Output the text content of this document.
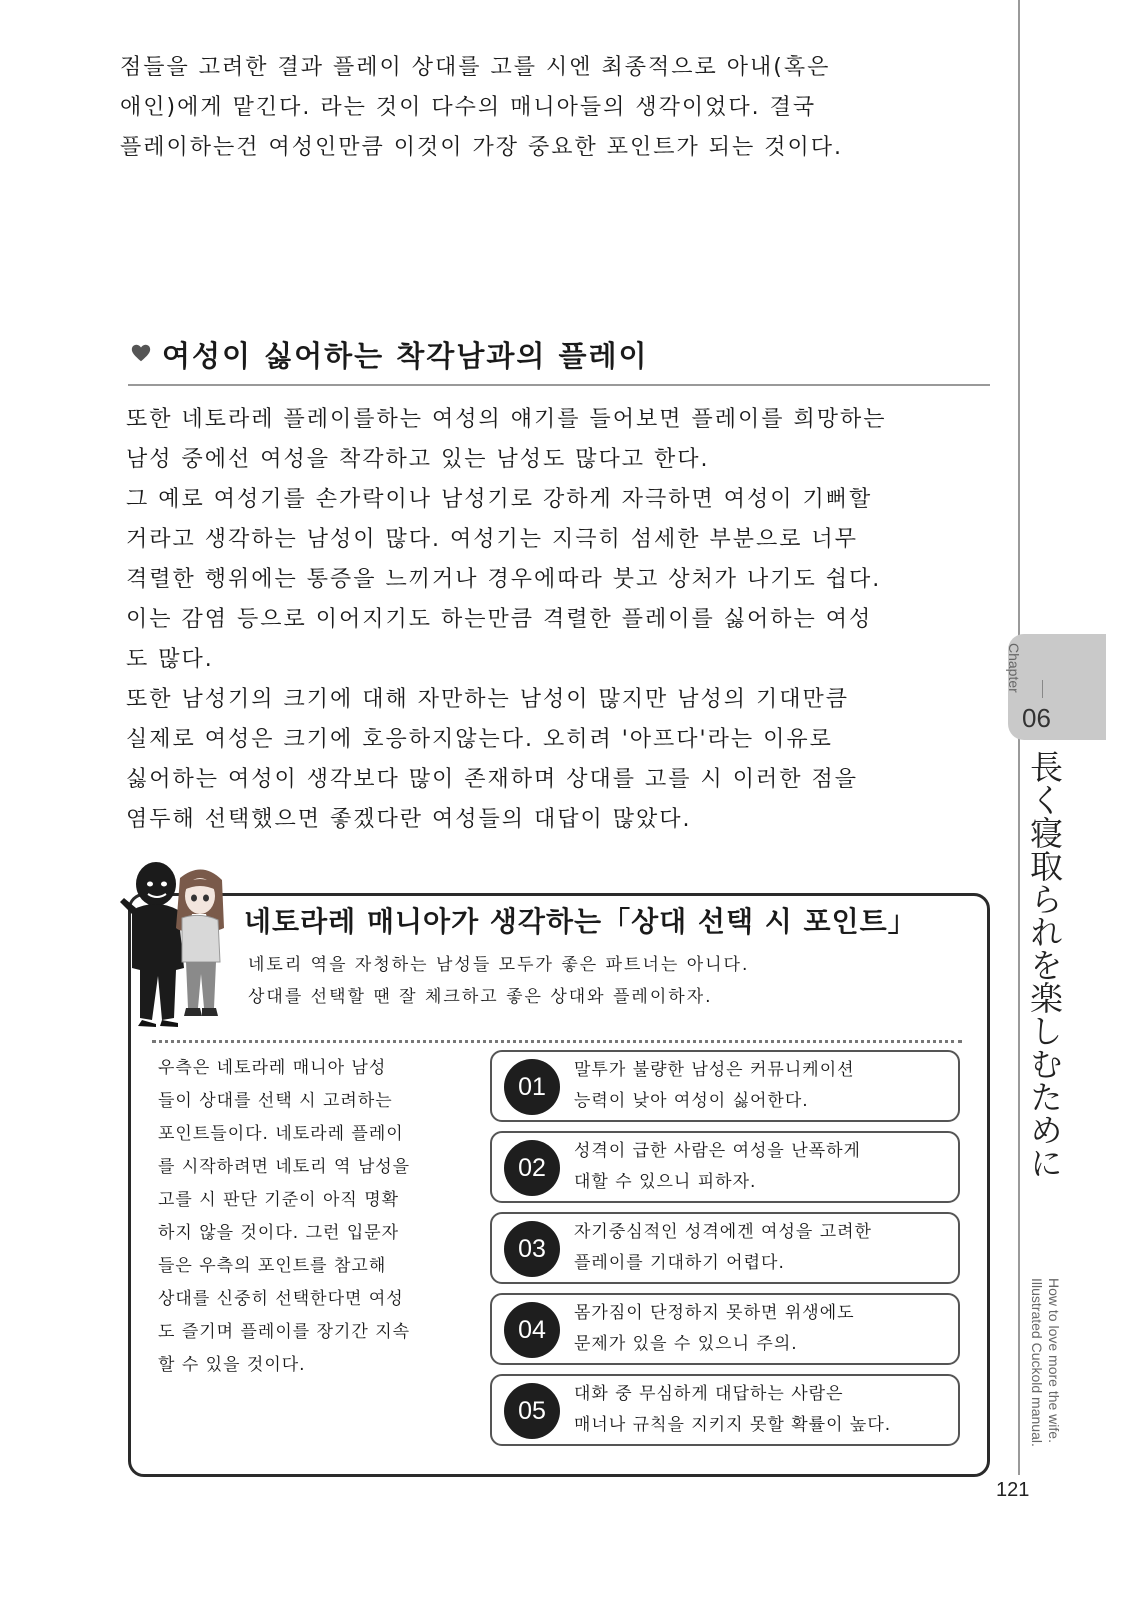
점들을 고려한 결과 플레이 상대를 고를 시엔 최종적으로 아내(혹은

애인)에게 맡긴다. 라는 것이 다수의 매니아들의 생각이었다. 결국

플레이하는건 여성인만큼 이것이 가장 중요한 포인트가 되는 것이다.

여성이 싫어하는 착각남과의 플레이

또한 네토라레 플레이를하는 여성의 얘기를 들어보면 플레이를 희망하는

남성 중에선 여성을 착각하고 있는 남성도 많다고 한다.

그 예로 여성기를 손가락이나 남성기로 강하게 자극하면 여성이 기뻐할

거라고 생각하는 남성이 많다. 여성기는 지극히 섬세한 부분으로 너무

격렬한 행위에는 통증을 느끼거나 경우에따라 붓고 상처가 나기도 쉽다.

이는 감염 등으로 이어지기도 하는만큼 격렬한 플레이를 싫어하는 여성

도 많다.

또한 남성기의 크기에 대해 자만하는 남성이 많지만 남성의 기대만큼

실제로 여성은 크기에 호응하지않는다. 오히려 '아프다'라는 이유로

싫어하는 여성이 생각보다 많이 존재하며 상대를 고를 시 이러한 점을

염두해 선택했으면 좋겠다란 여성들의 대답이 많았다.

네토라레 매니아가 생각하는「상대 선택 시 포인트」

네토리 역을 자청하는 남성들 모두가 좋은 파트너는 아니다.

상대를 선택할 땐 잘 체크하고 좋은 상대와 플레이하자.

우측은 네토라레 매니아 남성

들이 상대를 선택 시 고려하는

포인트들이다. 네토라레 플레이

를 시작하려면 네토리 역 남성을

고를 시 판단 기준이 아직 명확

하지 않을 것이다. 그런 입문자

들은 우측의 포인트를 참고해

상대를 신중히 선택한다면 여성

도 즐기며 플레이를 장기간 지속

할 수 있을 것이다.

01

말투가 불량한 남성은 커뮤니케이션

능력이 낮아 여성이 싫어한다.

02

성격이 급한 사람은 여성을 난폭하게

대할 수 있으니 피하자.

03

자기중심적인 성격에겐 여성을 고려한

플레이를 기대하기 어렵다.

04

몸가짐이 단정하지 못하면 위생에도

문제가 있을 수 있으니 주의.

05

대화 중 무심하게 대답하는 사람은

매너나 규칙을 지키지 못할 확률이 높다.

Chapter
06
長く寝取られを楽しむために
How to love more the wife.
Illustrated Cuckold manual.
121
